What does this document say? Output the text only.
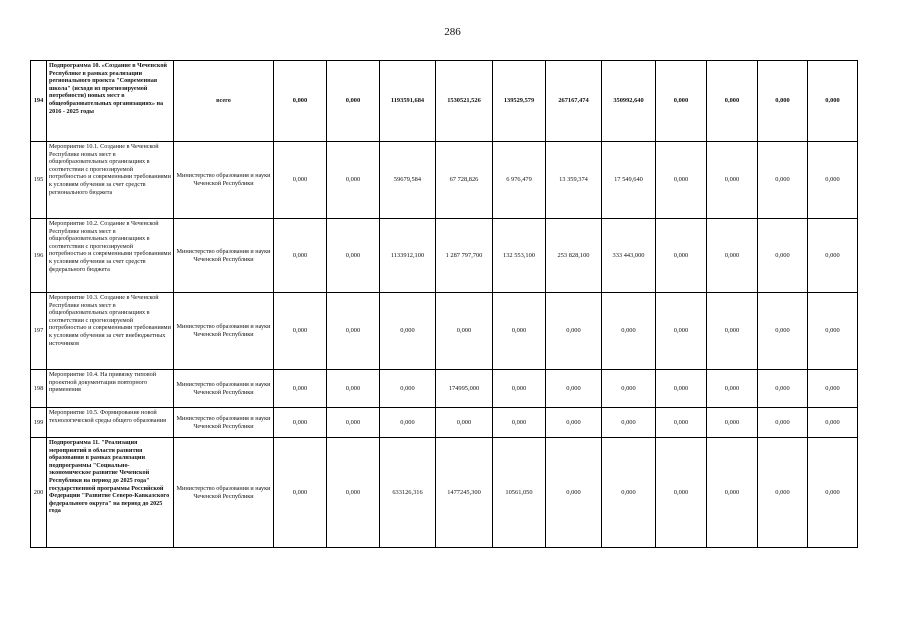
286
194	Подпрограмма 10. «Создание в Чеченской Республике в рамках реализации регионального проекта "Современная школа" (исходя из прогнозируемой потребности) новых мест в общеобразовательных организациях» на 2016 - 2025 годы	всего	0,000	0,000	1193591,684	1530521,526	139529,579	267167,474	350992,640	0,000	0,000	0,000	0,000
195	Мероприятие 10.1. Создание в Чеченской Республике новых мест в общеобразовательных организациях в соответствии с прогнозируемой потребностью и современными требованиями к условиям обучения за счет средств регионального бюджета	Министерство образования и науки Чеченской Республики	0,000	0,000	59679,584	67 728,826	6 976,479	13 359,374	17 549,640	0,000	0,000	0,000	0,000
196	Мероприятие 10.2. Создание в Чеченской Республике новых мест в общеобразовательных организациях в соответствии с прогнозируемой потребностью и современными требованиями к условиям обучения за счет средств федерального бюджета	Министерство образования и науки Чеченской Республики	0,000	0,000	1133912,100	1 287 797,700	132 553,100	253 828,100	333 443,000	0,000	0,000	0,000	0,000
197	Мероприятие 10.3. Создание в Чеченской Республике новых мест в общеобразовательных организациях в соответствии с прогнозируемой потребностью и современными требованиями к условиям обучения за счет внебюджетных источников	Министерство образования и науки Чеченской Республики	0,000	0,000	0,000	0,000	0,000	0,000	0,000	0,000	0,000	0,000	0,000
198	Мероприятие 10.4. На привязку типовой проектной документации повторного применения	Министерство образования и науки Чеченской Республики	0,000	0,000	0,000	174995,000	0,000	0,000	0,000	0,000	0,000	0,000	0,000
199	Мероприятие 10.5. Формирование новой технологической среды общего образования	Министерство образования и науки Чеченской Республики	0,000	0,000	0,000	0,000	0,000	0,000	0,000	0,000	0,000	0,000	0,000
200	Подпрограмма 11. "Реализация мероприятий в области развития образования в рамках реализации подпрограммы "Социально-экономическое развитие Чеченской Республики на период до 2025 года" государственной программы Российской Федерации "Развитие Северо-Кавказского федерального округа" на период до 2025 года	Министерство образования и науки Чеченской Республики	0,000	0,000	633126,316	1477245,300	10561,050	0,000	0,000	0,000	0,000	0,000	0,000
